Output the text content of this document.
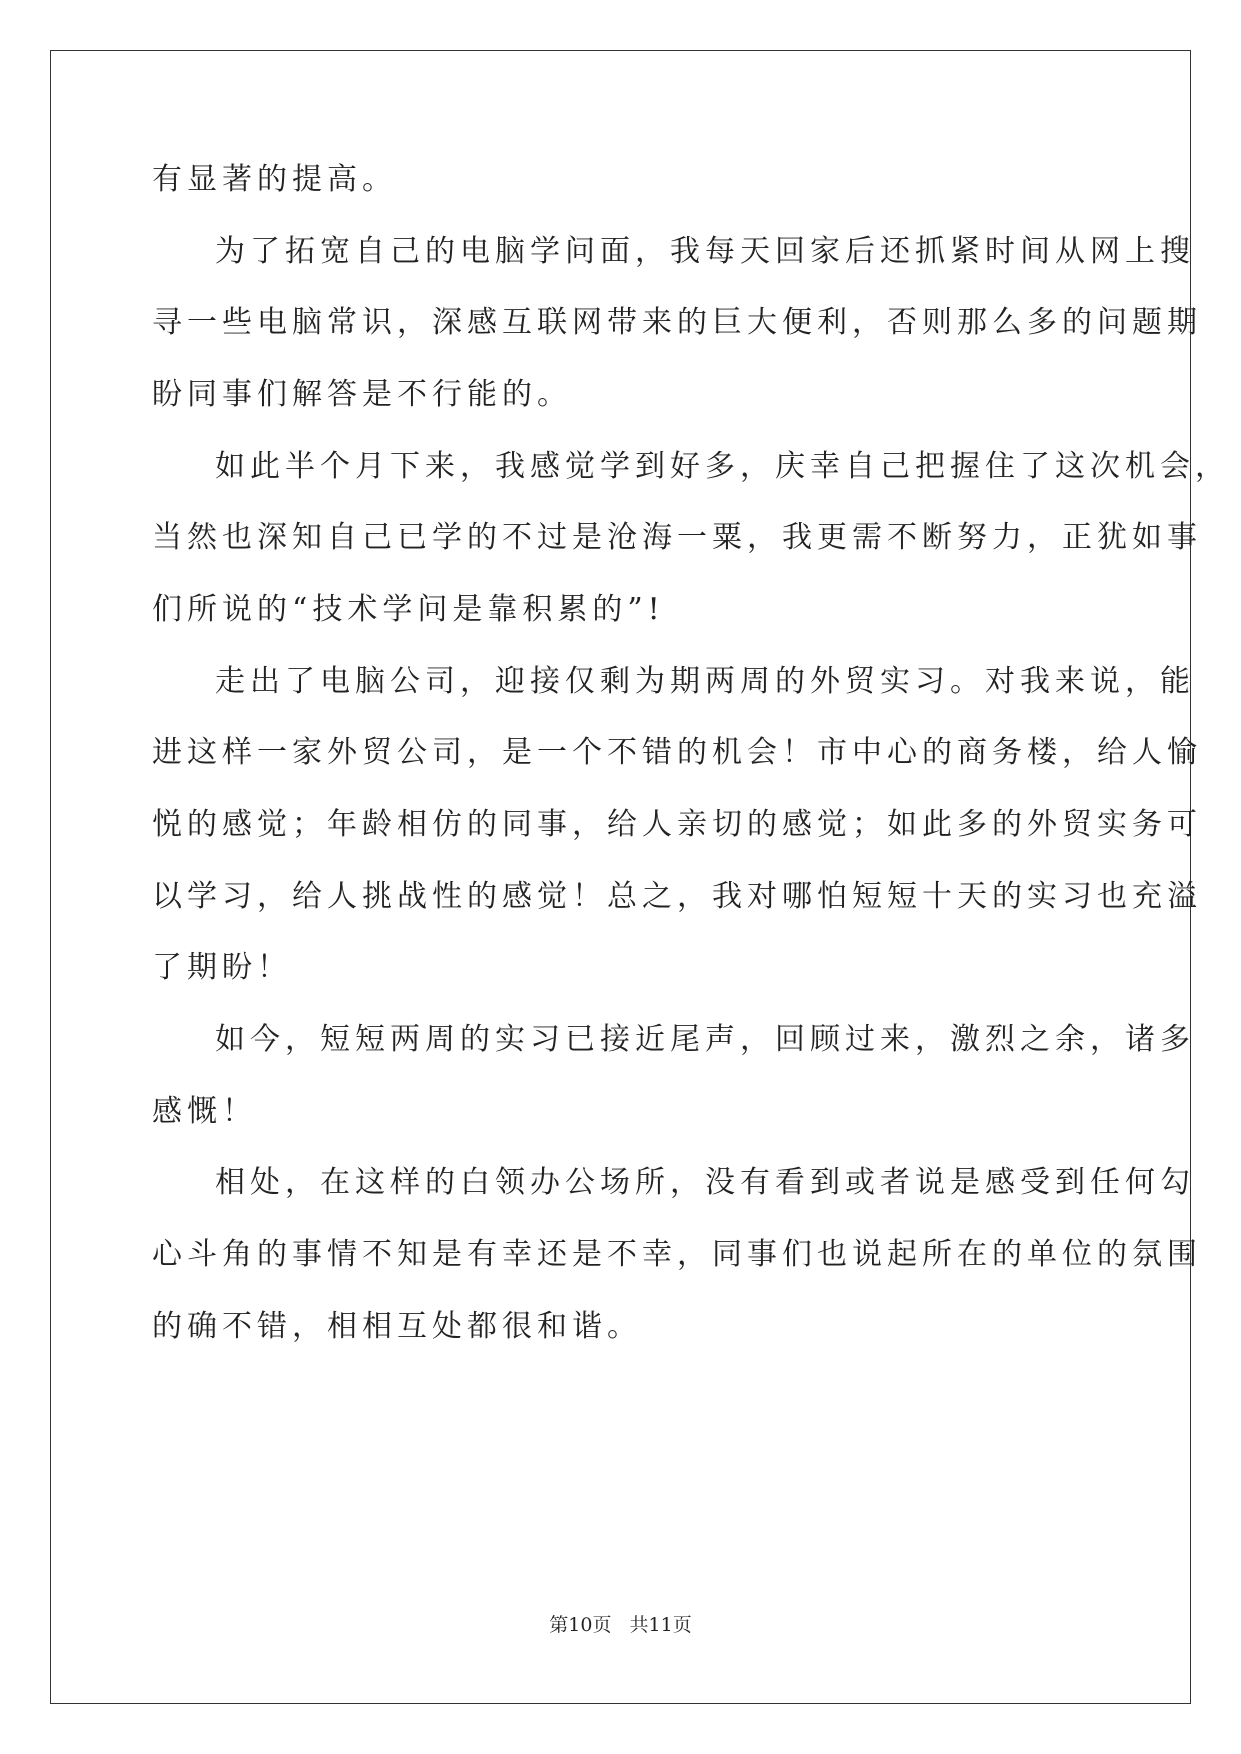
有显著的提高。
为了拓宽自己的电脑学问面，我每天回家后还抓紧时间从网上搜
寻一些电脑常识，深感互联网带来的巨大便利，否则那么多的问题期
盼同事们解答是不行能的。
如此半个月下来，我感觉学到好多，庆幸自己把握住了这次机会，
当然也深知自己已学的不过是沧海一粟，我更需不断努力，正犹如事
们所说的“技术学问是靠积累的”!
走出了电脑公司，迎接仅剩为期两周的外贸实习。对我来说，能
进这样一家外贸公司，是一个不错的机会！市中心的商务楼，给人愉
悦的感觉；年龄相仿的同事，给人亲切的感觉；如此多的外贸实务可
以学习，给人挑战性的感觉！总之，我对哪怕短短十天的实习也充溢
了期盼！
如今，短短两周的实习已接近尾声，回顾过来，激烈之余，诸多
感慨！
相处，在这样的白领办公场所，没有看到或者说是感受到任何勾
心斗角的事情不知是有幸还是不幸，同事们也说起所在的单位的氛围
的确不错，相相互处都很和谐。
第10页 共11页
